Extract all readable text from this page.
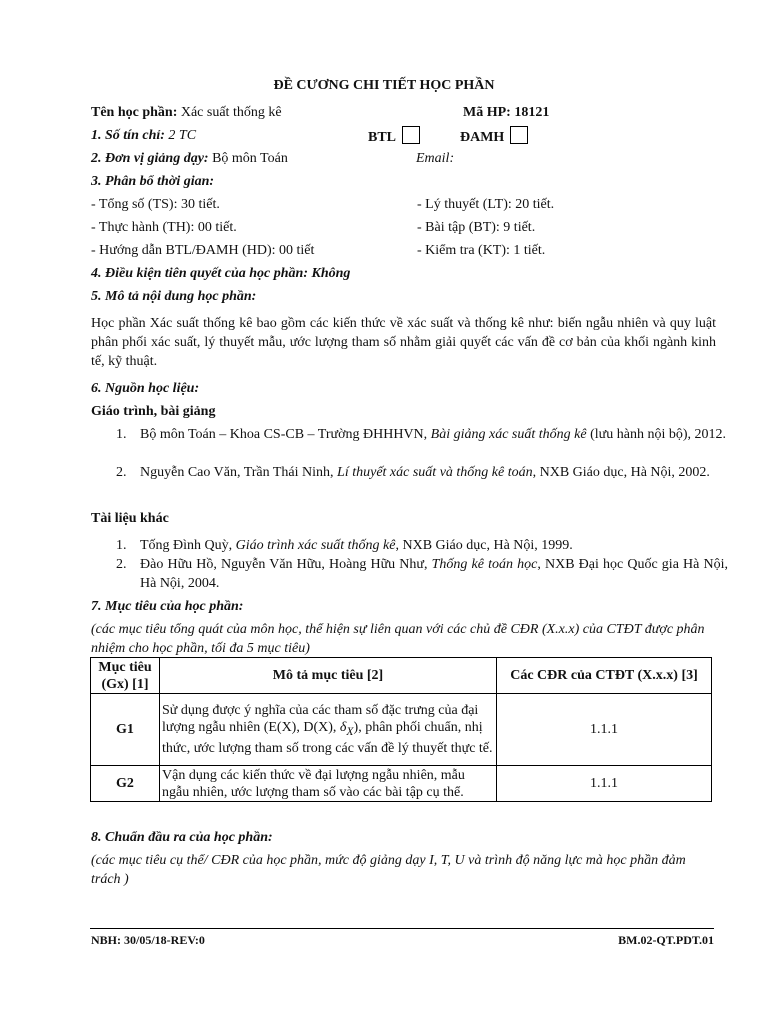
ĐỀ CƯƠNG CHI TIẾT HỌC PHẦN
Tên học phần: Xác suất thống kê	Mã HP: 18121
1. Số tín chỉ: 2 TC	BTL	ĐAMH
2. Đơn vị giảng dạy: Bộ môn Toán	Email:
3. Phân bổ thời gian:
- Tổng số (TS): 30 tiết.	- Lý thuyết (LT): 20 tiết.
- Thực hành (TH): 00 tiết.	- Bài tập (BT): 9 tiết.
- Hướng dẫn BTL/ĐAMH (HD): 00 tiết	- Kiểm tra (KT): 1 tiết.
4. Điều kiện tiên quyết của học phần: Không
5. Mô tả nội dung học phần:
Học phần Xác suất thống kê bao gồm các kiến thức về xác suất và thống kê như: biến ngẫu nhiên và quy luật phân phối xác suất, lý thuyết mẫu, ước lượng tham số nhằm giải quyết các vấn đề cơ bản của khối ngành kinh tế, kỹ thuật.
6. Nguồn học liệu:
Giáo trình, bài giảng
1. Bộ môn Toán – Khoa CS-CB – Trường ĐHHHVN, Bài giảng xác suất thống kê (lưu hành nội bộ), 2012.
2. Nguyễn Cao Văn, Trần Thái Ninh, Lí thuyết xác suất và thống kê toán, NXB Giáo dục, Hà Nội, 2002.
Tài liệu khác
1. Tống Đình Quỳ, Giáo trình xác suất thống kê, NXB Giáo dục, Hà Nội, 1999.
2. Đào Hữu Hồ, Nguyễn Văn Hữu, Hoàng Hữu Như, Thống kê toán học, NXB Đại học Quốc gia Hà Nội, Hà Nội, 2004.
7. Mục tiêu của học phần:
(các mục tiêu tổng quát của môn học, thể hiện sự liên quan với các chủ đề CĐR (X.x.x) của CTĐT được phân nhiệm cho học phần, tối đa 5 mục tiêu)
Mục tiêu (Gx) [1]	Mô tả mục tiêu [2]	Các CĐR của CTĐT (X.x.x) [3]
G1	Sử dụng được ý nghĩa của các tham số đặc trưng của đại lượng ngẫu nhiên (E(X), D(X), $\delta_X$), phân phối chuẩn, nhị thức, ước lượng tham số trong các vấn đề lý thuyết thực tế.	1.1.1
G2	Vận dụng các kiến thức về đại lượng ngẫu nhiên, mẫu ngẫu nhiên, ước lượng tham số vào các bài tập cụ thể.	1.1.1
8. Chuẩn đầu ra của học phần:
(các mục tiêu cụ thể/ CĐR của học phần, mức độ giảng dạy I, T, U và trình độ năng lực mà học phần đảm trách )
NBH: 30/05/18-REV:0	BM.02-QT.PDT.01
